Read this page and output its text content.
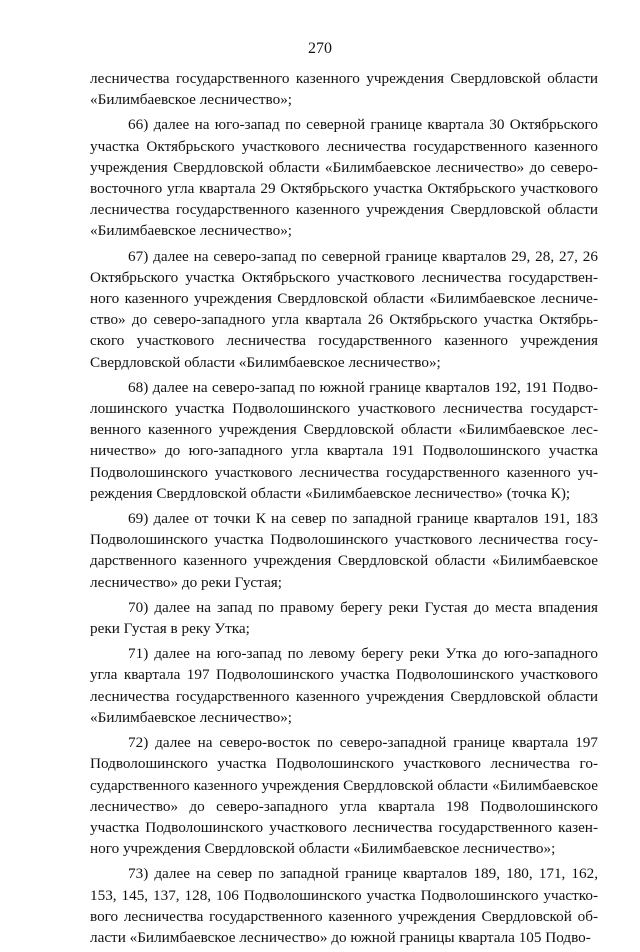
270

лесничества государственного казенного учреждения Свердловской области «Билимбаевское лесничество»;

66) далее на юго-запад по северной границе квартала 30 Октябрьского участка Октябрьского участкового лесничества государственного казенного учреждения Свердловской области «Билимбаевское лесничество» до северо-восточного угла квартала 29 Октябрьского участка Октябрьского участкового лесничества государственного казенного учреждения Свердловской области «Билимбаевское лесничество»;

67) далее на северо-запад по северной границе кварталов 29, 28, 27, 26 Октябрьского участка Октябрьского участкового лесничества государственного казенного учреждения Свердловской области «Билимбаевское лесничество» до северо-западного угла квартала 26 Октябрьского участка Октябрьского участкового лесничества государственного казенного учреждения Свердловской области «Билимбаевское лесничество»;

68) далее на северо-запад по южной границе кварталов 192, 191 Подволошинского участка Подволошинского участкового лесничества государственного казенного учреждения Свердловской области «Билимбаевское лесничество» до юго-западного угла квартала 191 Подволошинского участка Подволошинского участкового лесничества государственного казенного учреждения Свердловской области «Билимбаевское лесничество» (точка К);

69) далее от точки К на север по западной границе кварталов 191, 183 Подволошинского участка Подволошинского участкового лесничества государственного казенного учреждения Свердловской области «Билимбаевское лесничество» до реки Густая;

70) далее на запад по правому берегу реки Густая до места впадения реки Густая в реку Утка;

71) далее на юго-запад по левому берегу реки Утка до юго-западного угла квартала 197 Подволошинского участка Подволошинского участкового лесничества государственного казенного учреждения Свердловской области «Билимбаевское лесничество»;

72) далее на северо-восток по северо-западной границе квартала 197 Подволошинского участка Подволошинского участкового лесничества государственного казенного учреждения Свердловской области «Билимбаевское лесничество» до северо-западного угла квартала 198 Подволошинского участка Подволошинского участкового лесничества государственного казенного учреждения Свердловской области «Билимбаевское лесничество»;

73) далее на север по западной границе кварталов 189, 180, 171, 162, 153, 145, 137, 128, 106 Подволошинского участка Подволошинского участкового лесничества государственного казенного учреждения Свердловской области «Билимбаевское лесничество» до южной границы квартала 105 Подво-
